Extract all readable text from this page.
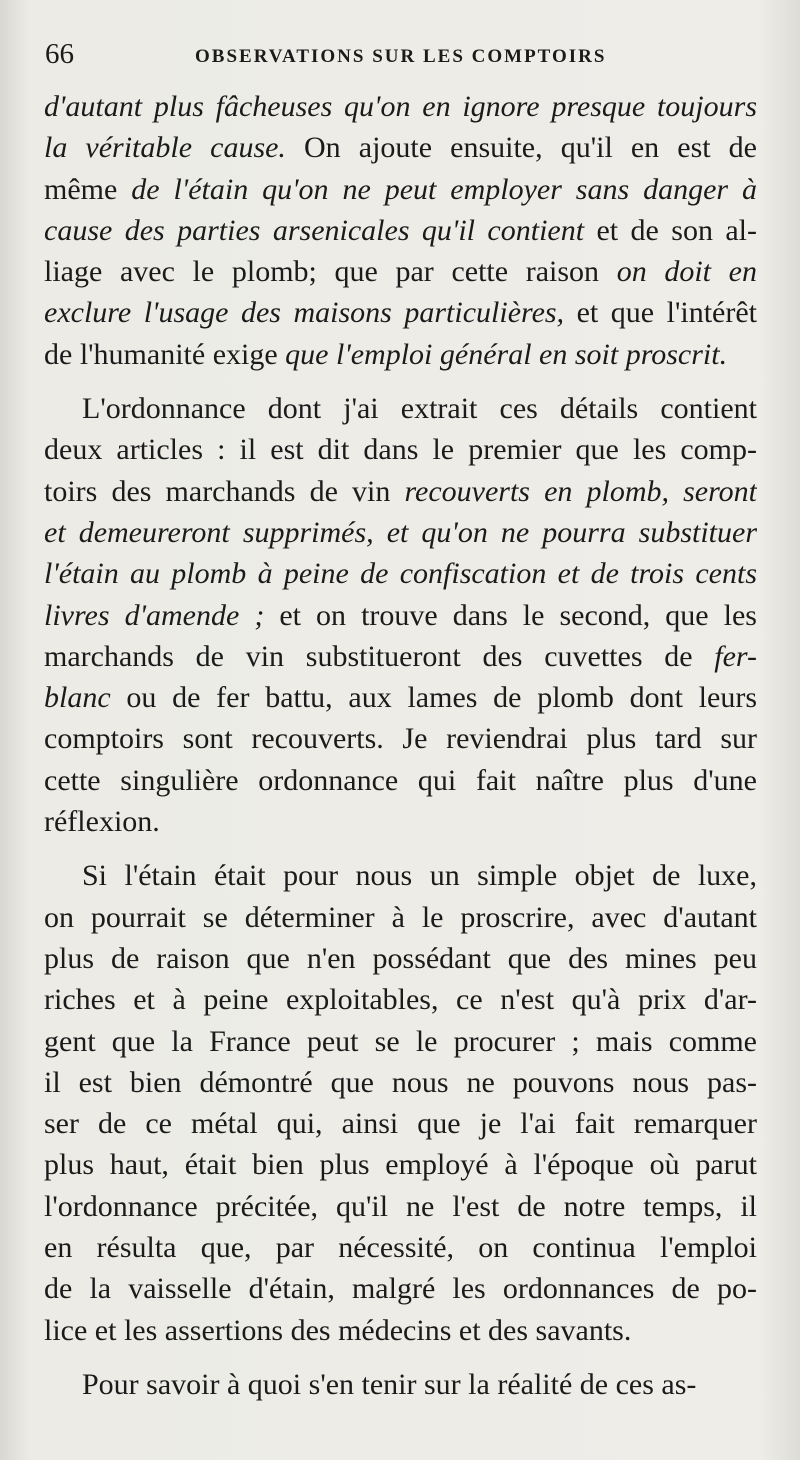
66	OBSERVATIONS SUR LES COMPTOIRS
d'autant plus fâcheuses qu'on en ignore presque toujours
la véritable cause. On ajoute ensuite, qu'il en est de
même de l'étain qu'on ne peut employer sans danger à
cause des parties arsenicales qu'il contient et de son al-
liage avec le plomb; que par cette raison on doit en
exclure l'usage des maisons particulières, et que l'intérêt
de l'humanité exige que l'emploi général en soit proscrit.
L'ordonnance dont j'ai extrait ces détails contient
deux articles : il est dit dans le premier que les comp-
toirs des marchands de vin recouverts en plomb, seront
et demeureront supprimés, et qu'on ne pourra substituer
l'étain au plomb à peine de confiscation et de trois cents
livres d'amende ; et on trouve dans le second, que les
marchands de vin substitueront des cuvettes de fer-
blanc ou de fer battu, aux lames de plomb dont leurs
comptoirs sont recouverts. Je reviendrai plus tard sur
cette singulière ordonnance qui fait naître plus d'une
réflexion.
Si l'étain était pour nous un simple objet de luxe,
on pourrait se déterminer à le proscrire, avec d'autant
plus de raison que n'en possédant que des mines peu
riches et à peine exploitables, ce n'est qu'à prix d'ar-
gent que la France peut se le procurer ; mais comme
il est bien démontré que nous ne pouvons nous pas-
ser de ce métal qui, ainsi que je l'ai fait remarquer
plus haut, était bien plus employé à l'époque où parut
l'ordonnance précitée, qu'il ne l'est de notre temps, il
en résulta que, par nécessité, on continua l'emploi
de la vaisselle d'étain, malgré les ordonnances de po-
lice et les assertions des médecins et des savants.
Pour savoir à quoi s'en tenir sur la réalité de ces as-
